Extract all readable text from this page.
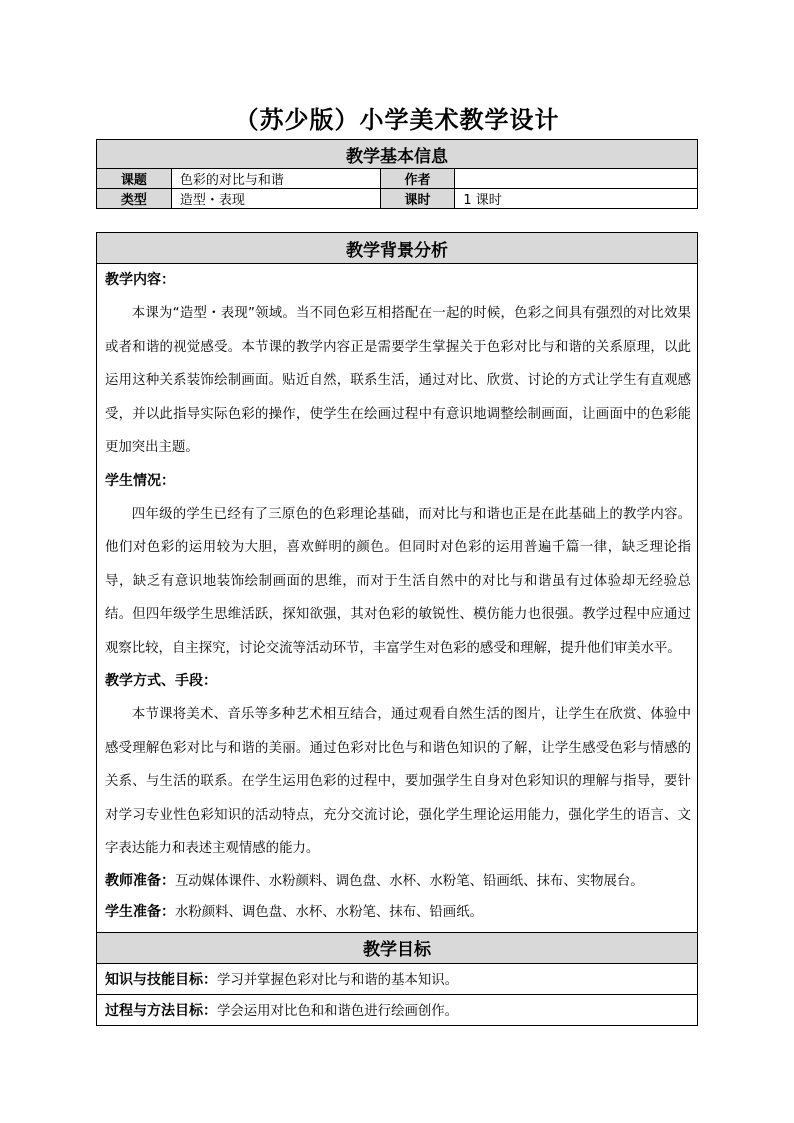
（苏少版）小学美术教学设计
教学基本信息			
课题	色彩的对比与和谐	作者	
类型	造型・表现	课时	1 课时
教学背景分析

教学内容：

本课为“造型・表现”领域。当不同色彩互相搭配在一起的时候，色彩之间具有强烈的对比效果或者和谐的视觉感受。本节课的教学内容正是需要学生掌握关于色彩对比与和谐的关系原理，以此运用这种关系装饰绘制画面。贴近自然，联系生活，通过对比、欣赏、讨论的方式让学生有直观感受，并以此指导实际色彩的操作，使学生在绘画过程中有意识地调整绘制画面，让画面中的色彩能更加突出主题。

学生情况：

四年级的学生已经有了三原色的色彩理论基础，而对比与和谐也正是在此基础上的教学内容。他们对色彩的运用较为大胆，喜欢鲜明的颜色。但同时对色彩的运用普遍千篇一律，缺乏理论指导，缺乏有意识地装饰绘制画面的思维，而对于生活自然中的对比与和谐虽有过体验却无经验总结。但四年级学生思维活跃，探知欲强，其对色彩的敏锐性、模仿能力也很强。教学过程中应通过观察比较，自主探究，讨论交流等活动环节，丰富学生对色彩的感受和理解，提升他们审美水平。

教学方式、手段：

本节课将美术、音乐等多种艺术相互结合，通过观看自然生活的图片，让学生在欣赏、体验中感受理解色彩对比与和谐的美丽。通过色彩对比色与和谐色知识的了解，让学生感受色彩与情感的关系、与生活的联系。在学生运用色彩的过程中，要加强学生自身对色彩知识的理解与指导，要针对学习专业性色彩知识的活动特点，充分交流讨论，强化学生理论运用能力，强化学生的语言、文字表达能力和表述主观情感的能力。

教师准备：互动媒体课件、水粉颜料、调色盘、水杯、水粉笔、铅画纸、抹布、实物展台。

学生准备：水粉颜料、调色盘、水杯、水粉笔、抹布、铅画纸。

教学目标
知识与技能目标：学习并掌握色彩对比与和谐的基本知识。
过程与方法目标：学会运用对比色和和谐色进行绘画创作。
